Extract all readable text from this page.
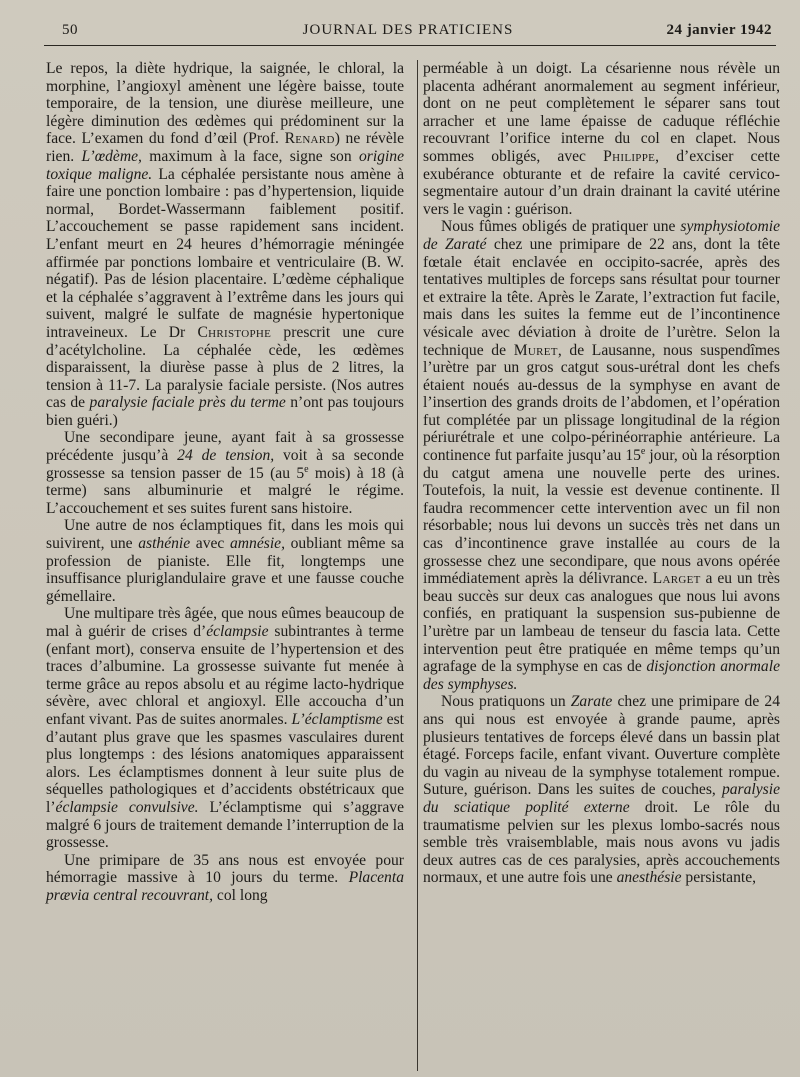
50	JOURNAL DES PRATICIENS	24 janvier 1942

Le repos, la diète hydrique, la saignée, le chloral, la morphine, l’angioxyl amènent une légère baisse, toute temporaire, de la tension, une diurèse meilleure, une légère diminution des œdèmes qui prédominent sur la face. L’examen du fond d’œil (Prof. Renard) ne révèle rien. L’œdème, maximum à la face, signe son origine toxique maligne. La céphalée persistante nous amène à faire une ponction lombaire : pas d’hypertension, liquide normal, Bordet-Wassermann faiblement positif. L’accouchement se passe rapidement sans incident. L’enfant meurt en 24 heures d’hémorragie méningée affirmée par ponctions lombaire et ventriculaire (B. W. négatif). Pas de lésion placentaire. L’œdème céphalique et la céphalée s’aggravent à l’extrême dans les jours qui suivent, malgré le sulfate de magnésie hypertonique intraveineux. Le Dr Christophe prescrit une cure d’acétylcholine. La céphalée cède, les œdèmes disparaissent, la diurèse passe à plus de 2 litres, la tension à 11-7. La paralysie faciale persiste. (Nos autres cas de paralysie faciale près du terme n’ont pas toujours bien guéri.)

Une secondipare jeune, ayant fait à sa grossesse précédente jusqu’à 24 de tension, voit à sa seconde grossesse sa tension passer de 15 (au 5e mois) à 18 (à terme) sans albuminurie et malgré le régime. L’accouchement et ses suites furent sans histoire.

Une autre de nos éclamptiques fit, dans les mois qui suivirent, une asthénie avec amnésie, oubliant même sa profession de pianiste. Elle fit, longtemps une insuffisance pluriglandulaire grave et une fausse couche gémellaire.

Une multipare très âgée, que nous eûmes beaucoup de mal à guérir de crises d’éclampsie subintrantes à terme (enfant mort), conserva ensuite de l’hypertension et des traces d’albumine. La grossesse suivante fut menée à terme grâce au repos absolu et au régime lacto-hydrique sévère, avec chloral et angioxyl. Elle accoucha d’un enfant vivant. Pas de suites anormales. L’éclamptisme est d’autant plus grave que les spasmes vasculaires durent plus longtemps : des lésions anatomiques apparaissent alors. Les éclamptismes donnent à leur suite plus de séquelles pathologiques et d’accidents obstétricaux que l’éclampsie convulsive. L’éclamptisme qui s’aggrave malgré 6 jours de traitement demande l’interruption de la grossesse.

Une primipare de 35 ans nous est envoyée pour hémorragie massive à 10 jours du terme. Placenta prævia central recouvrant, col long

perméable à un doigt. La césarienne nous révèle un placenta adhérant anormalement au segment inférieur, dont on ne peut complètement le séparer sans tout arracher et une lame épaisse de caduque réfléchie recouvrant l’orifice interne du col en clapet. Nous sommes obligés, avec Philippe, d’exciser cette exubérance obturante et de refaire la cavité cervico-segmentaire autour d’un drain drainant la cavité utérine vers le vagin : guérison.

Nous fûmes obligés de pratiquer une symphysiotomie de Zaraté chez une primipare de 22 ans, dont la tête fœtale était enclavée en occipito-sacrée, après des tentatives multiples de forceps sans résultat pour tourner et extraire la tête. Après le Zarate, l’extraction fut facile, mais dans les suites la femme eut de l’incontinence vésicale avec déviation à droite de l’urètre. Selon la technique de Muret, de Lausanne, nous suspendîmes l’urètre par un gros catgut sous-urétral dont les chefs étaient noués au-dessus de la symphyse en avant de l’insertion des grands droits de l’abdomen, et l’opération fut complétée par un plissage longitudinal de la région périurétrale et une colpo-périnéorraphie antérieure. La continence fut parfaite jusqu’au 15e jour, où la résorption du catgut amena une nouvelle perte des urines. Toutefois, la nuit, la vessie est devenue continente. Il faudra recommencer cette intervention avec un fil non résorbable; nous lui devons un succès très net dans un cas d’incontinence grave installée au cours de la grossesse chez une secondipare, que nous avons opérée immédiatement après la délivrance. Larget a eu un très beau succès sur deux cas analogues que nous lui avons confiés, en pratiquant la suspension sus-pubienne de l’urètre par un lambeau de tenseur du fascia lata. Cette intervention peut être pratiquée en même temps qu’un agrafage de la symphyse en cas de disjonction anormale des symphyses.

Nous pratiquons un Zarate chez une primipare de 24 ans qui nous est envoyée à grande paume, après plusieurs tentatives de forceps élevé dans un bassin plat étagé. Forceps facile, enfant vivant. Ouverture complète du vagin au niveau de la symphyse totalement rompue. Suture, guérison. Dans les suites de couches, paralysie du sciatique poplité externe droit. Le rôle du traumatisme pelvien sur les plexus lombo-sacrés nous semble très vraisemblable, mais nous avons vu jadis deux autres cas de ces paralysies, après accouchements normaux, et une autre fois une anesthésie persistante,
